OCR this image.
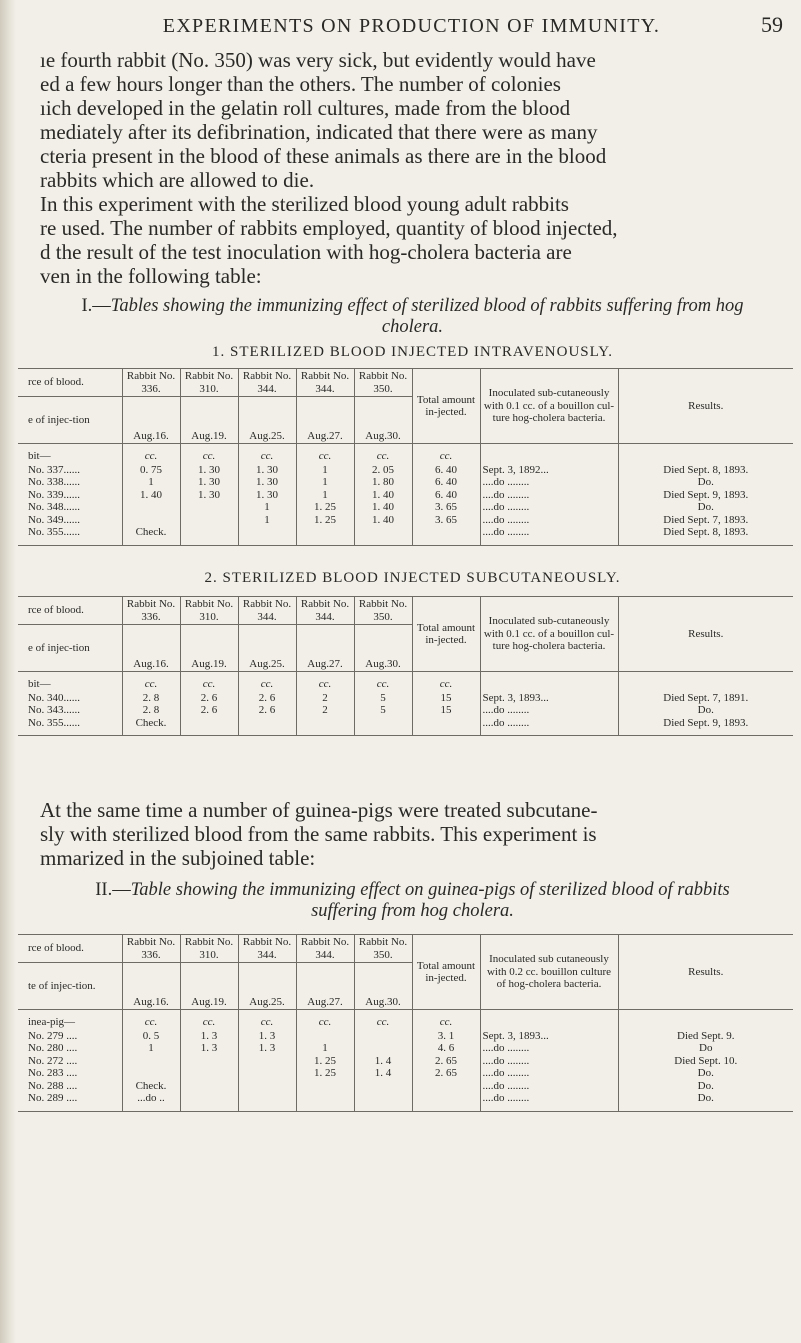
EXPERIMENTS ON PRODUCTION OF IMMUNITY.	59
ıe fourth rabbit (No. 350) was very sick, but evidently would have
ed a few hours longer than the others. The number of colonies
ıich developed in the gelatin roll cultures, made from the blood
mediately after its defibrination, indicated that there were as many
cteria present in the blood of these animals as there are in the blood
rabbits which are allowed to die.
In this experiment with the sterilized blood young adult rabbits
re used. The number of rabbits employed, quantity of blood injected,
d the result of the test inoculation with hog-cholera bacteria are
ven in the following table:
I.—Tables showing the immunizing effect of sterilized blood of rabbits suffering from hog
cholera.
1. STERILIZED BLOOD INJECTED INTRAVENOUSLY.
rce of blood.	Rabbit No. 336.	Rabbit No. 310.	Rabbit No. 344.	Rabbit No. 344.	Rabbit No. 350.	Total amount in-jected.	Inoculated sub-cutaneously with 0.1 cc. of a bouillon cul-ture hog-cholera bacteria.	Results.
e of injec-tion	Aug.16.	Aug.19.	Aug.25.	Aug.27.	Aug.30.			
bit—	cc.	cc.	cc.	cc.	cc.	cc.		
No. 337......	0. 75	1. 30	1. 30	1	2. 05	6. 40	Sept. 3, 1892...	Died Sept. 8, 1893.
No. 338......	1	1. 30	1. 30	1	1. 80	6. 40	....do ........	Do.
No. 339......	1. 40	1. 30	1. 30	1	1. 40	6. 40	....do ........	Died Sept. 9, 1893.
No. 348......			1	1. 25	1. 40	3. 65	....do ........	Do.
No. 349......			1	1. 25	1. 40	3. 65	....do ........	Died Sept. 7, 1893.
No. 355......	Check.						....do ........	Died Sept. 8, 1893.
2. STERILIZED BLOOD INJECTED SUBCUTANEOUSLY.
rce of blood.	Rabbit No. 336.	Rabbit No. 310.	Rabbit No. 344.	Rabbit No. 344.	Rabbit No. 350.	Total amount in-jected.	Inoculated sub-cutaneously with 0.1 cc. of a bouillon cul-ture hog-cholera bacteria.	Results.
e of injec-tion	Aug.16.	Aug.19.	Aug.25.	Aug.27.	Aug.30.			
bit—	cc.	cc.	cc.	cc.	cc.	cc.		
No. 340......	2. 8	2. 6	2. 6	2	5	15	Sept. 3, 1893...	Died Sept. 7, 1891.
No. 343......	2. 8	2. 6	2. 6	2	5	15	....do ........	Do.
No. 355......	Check.						....do ........	Died Sept. 9, 1893.
At the same time a number of guinea-pigs were treated subcutane-
sly with sterilized blood from the same rabbits. This experiment is
mmarized in the subjoined table:
II.—Table showing the immunizing effect on guinea-pigs of sterilized blood of rabbits
suffering from hog cholera.
rce of blood.	Rabbit No. 336.	Rabbit No. 310.	Rabbit No. 344.	Rabbit No. 344.	Rabbit No. 350.	Total amount in-jected.	Inoculated sub cutaneously with 0.2 cc. bouillon culture of hog-cholera bacteria.	Results.
te of injec-tion.	Aug.16.	Aug.19.	Aug.25.	Aug.27.	Aug.30.			
inea-pig—	cc.	cc.	cc.	cc.	cc.	cc.		
No. 279 ....	0. 5	1. 3	1. 3			3. 1	Sept. 3, 1893...	Died Sept. 9.
No. 280 ....	1	1. 3	1. 3	1		4. 6	....do ........	Do
No. 272 ....				1. 25	1. 4	2. 65	....do ........	Died Sept. 10.
No. 283 ....				1. 25	1. 4	2. 65	....do ........	Do.
No. 288 ....	Check.						....do ........	Do.
No. 289 ....	...do ..						....do ........	Do.
